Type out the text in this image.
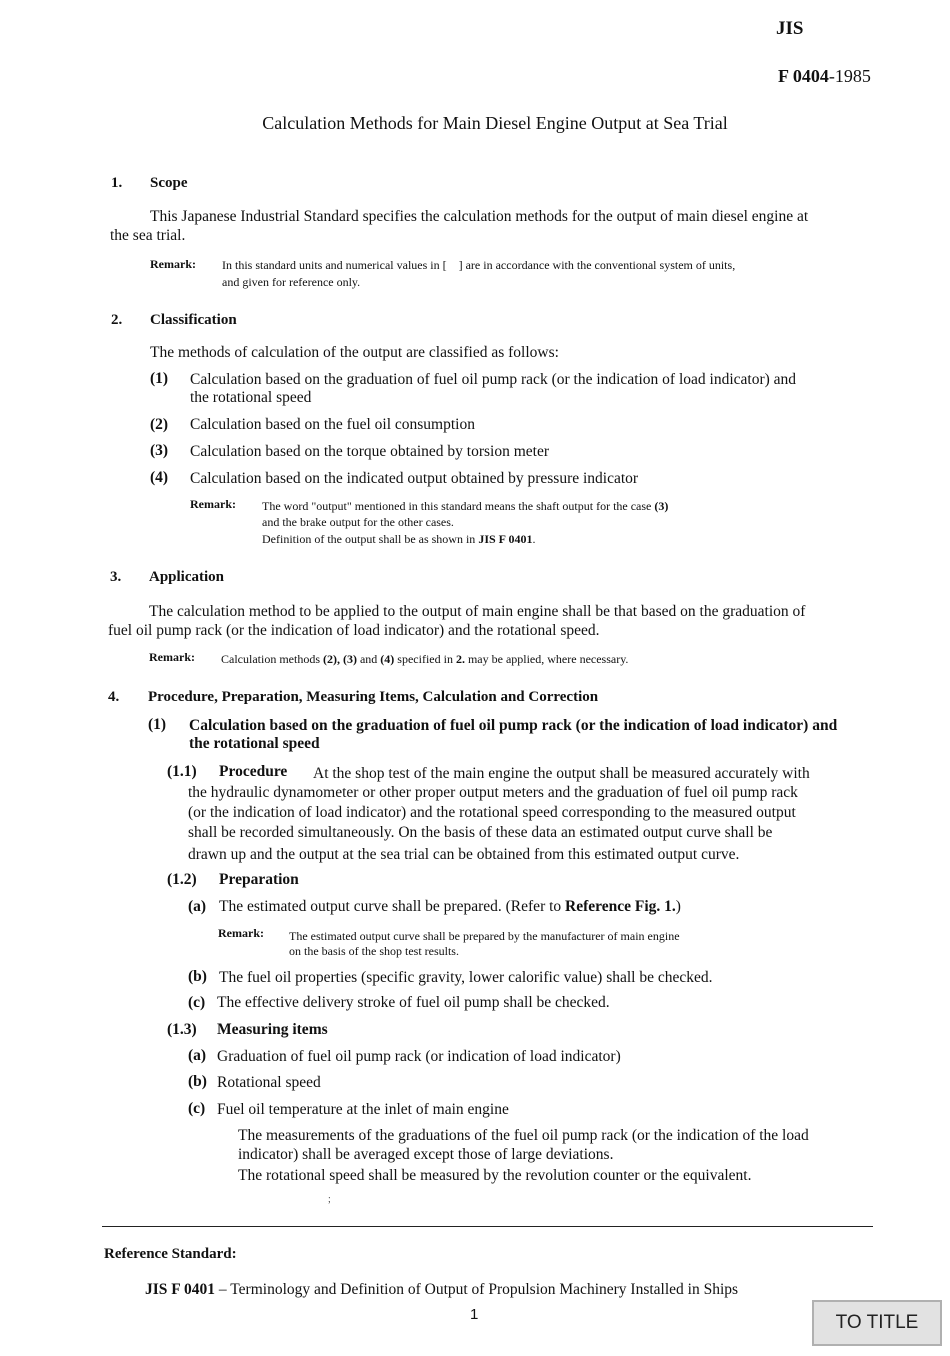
JIS
F 0404-1985
Calculation Methods for Main Diesel Engine Output at Sea Trial
1. Scope
This Japanese Industrial Standard specifies the calculation methods for the output of main diesel engine at
the sea trial.
Remark: In this standard units and numerical values in [    ] are in accordance with the conventional system of units,
and given for reference only.
2. Classification
The methods of calculation of the output are classified as follows:
(1) Calculation based on the graduation of fuel oil pump rack (or the indication of load indicator) and
the rotational speed
(2) Calculation based on the fuel oil consumption
(3) Calculation based on the torque obtained by torsion meter
(4) Calculation based on the indicated output obtained by pressure indicator
Remark: The word "output" mentioned in this standard means the shaft output for the case (3)
and the brake output for the other cases.
Definition of the output shall be as shown in JIS F 0401.
3. Application
The calculation method to be applied to the output of main engine shall be that based on the graduation of
fuel oil pump rack (or the indication of load indicator) and the rotational speed.
Remark: Calculation methods (2), (3) and (4) specified in 2. may be applied, where necessary.
4. Procedure, Preparation, Measuring Items, Calculation and Correction
(1) Calculation based on the graduation of fuel oil pump rack (or the indication of load indicator) and
the rotational speed
(1.1) Procedure At the shop test of the main engine the output shall be measured accurately with
the hydraulic dynamometer or other proper output meters and the graduation of fuel oil pump rack
(or the indication of load indicator) and the rotational speed corresponding to the measured output
shall be recorded simultaneously. On the basis of these data an estimated output curve shall be
drawn up and the output at the sea trial can be obtained from this estimated output curve.
(1.2) Preparation
(a) The estimated output curve shall be prepared. (Refer to Reference Fig. 1.)
Remark: The estimated output curve shall be prepared by the manufacturer of main engine
on the basis of the shop test results.
(b) The fuel oil properties (specific gravity, lower calorific value) shall be checked.
(c) The effective delivery stroke of fuel oil pump shall be checked.
(1.3) Measuring items
(a) Graduation of fuel oil pump rack (or indication of load indicator)
(b) Rotational speed
(c) Fuel oil temperature at the inlet of main engine
The measurements of the graduations of the fuel oil pump rack (or the indication of the load
indicator) shall be averaged except those of large deviations.
The rotational speed shall be measured by the revolution counter or the equivalent.
;
Reference Standard:
JIS F 0401 – Terminology and Definition of Output of Propulsion Machinery Installed in Ships
1	TO TITLE
